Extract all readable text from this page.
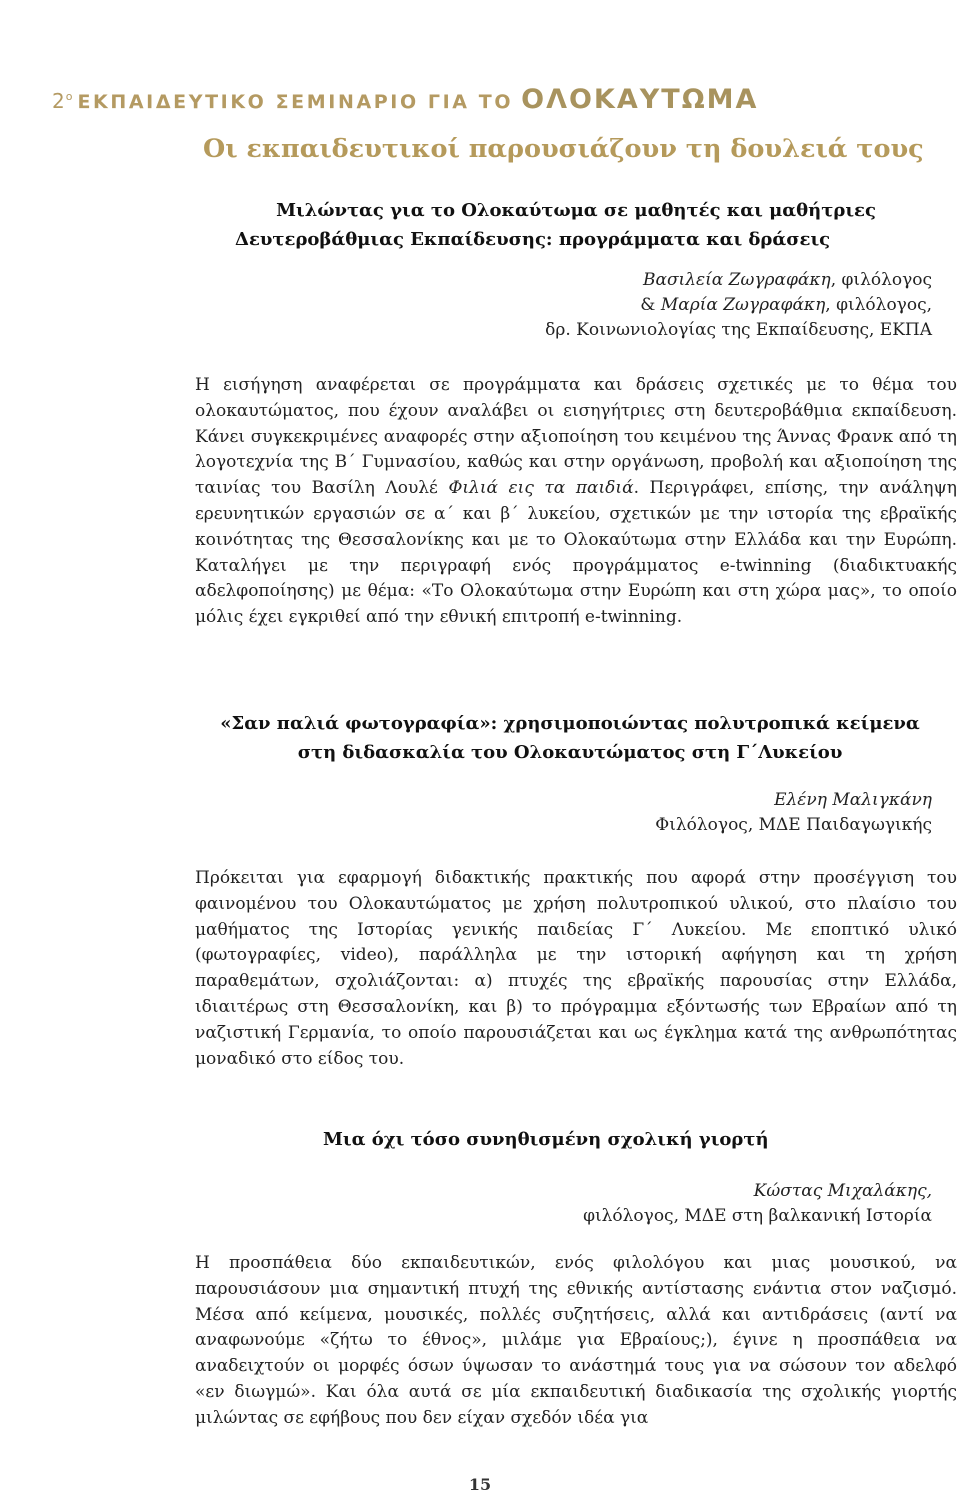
$2^o$ ΕΚΠΑΙΔΕΥΤΙΚΟ ΣΕΜΙΝΑΡΙΟ ΓΙΑ ΤΟ ΟΛΟΚΑΥΤΩΜΑ
Οι εκπαιδευτικοί παρουσιάζουν τη δουλειά τους
Μιλώντας για το Ολοκαύτωμα σε μαθητές και μαθήτριες
Δευτεροβάθμιας Εκπαίδευσης: προγράμματα και δράσεις
Βασιλεία Ζωγραφάκη, φιλόλογος
& Μαρία Ζωγραφάκη, φιλόλογος,
δρ. Κοινωνιολογίας της Εκπαίδευσης, ΕΚΠΑ
Η εισήγηση αναφέρεται σε προγράμματα και δράσεις σχετικές με το θέμα του ολοκαυτώματος, που έχουν αναλάβει οι εισηγήτριες στη δευτεροβάθμια εκπαίδευση. Κάνει συγκεκριμένες αναφορές στην αξιοποίηση του κειμένου της Άννας Φρανκ από τη λογοτεχνία της Β΄ Γυμνασίου, καθώς και στην οργάνωση, προβολή και αξιοποίηση της ταινίας του Βασίλη Λουλέ Φιλιά εις τα παιδιά. Περιγράφει, επίσης, την ανάληψη ερευνητικών εργασιών σε α΄ και β΄ λυκείου, σχετικών με την ιστορία της εβραϊκής κοινότητας της Θεσσαλονίκης και με το Ολοκαύτωμα στην Ελλάδα και την Ευρώπη. Καταλήγει με την περιγραφή ενός προγράμματος e-twinning (διαδικτυακής αδελφοποίησης) με θέμα: «Το Ολοκαύτωμα στην Ευρώπη και στη χώρα μας», το οποίο μόλις έχει εγκριθεί από την εθνική επιτροπή e-twinning.
«Σαν παλιά φωτογραφία»: χρησιμοποιώντας πολυτροπικά κείμενα
στη διδασκαλία του Ολοκαυτώματος στη Γ΄Λυκείου
Ελένη Μαλιγκάνη
Φιλόλογος, ΜΔΕ Παιδαγωγικής
Πρόκειται για εφαρμογή διδακτικής πρακτικής που αφορά στην προσέγγιση του φαινομένου του Ολοκαυτώματος με χρήση πολυτροπικού υλικού, στο πλαίσιο του μαθήματος της Ιστορίας γενικής παιδείας Γ΄ Λυκείου. Με εποπτικό υλικό (φωτογραφίες, video), παράλληλα με την ιστορική αφήγηση και τη χρήση παραθεμάτων, σχολιάζονται: α) πτυχές της εβραϊκής παρουσίας στην Ελλάδα, ιδιαιτέρως στη Θεσσαλονίκη, και β) το πρόγραμμα εξόντωσής των Εβραίων από τη ναζιστική Γερμανία, το οποίο παρουσιάζεται και ως έγκλημα κατά της ανθρωπότητας μοναδικό στο είδος του.
Μια όχι τόσο συνηθισμένη σχολική γιορτή
Κώστας Μιχαλάκης,
φιλόλογος, ΜΔΕ στη βαλκανική Ιστορία
Η προσπάθεια δύο εκπαιδευτικών, ενός φιλολόγου και μιας μουσικού, να παρουσιάσουν μια σημαντική πτυχή της εθνικής αντίστασης ενάντια στον ναζισμό. Μέσα από κείμενα, μουσικές, πολλές συζητήσεις, αλλά και αντιδράσεις (αντί να αναφωνούμε «ζήτω το έθνος», μιλάμε για Εβραίους;), έγινε η προσπάθεια να αναδειχτούν οι μορφές όσων ύψωσαν το ανάστημά τους για να σώσουν τον αδελφό «εν διωγμώ». Και όλα αυτά σε μία εκπαιδευτική διαδικασία της σχολικής γιορτής μιλώντας σε εφήβους που δεν είχαν σχεδόν ιδέα για
15
